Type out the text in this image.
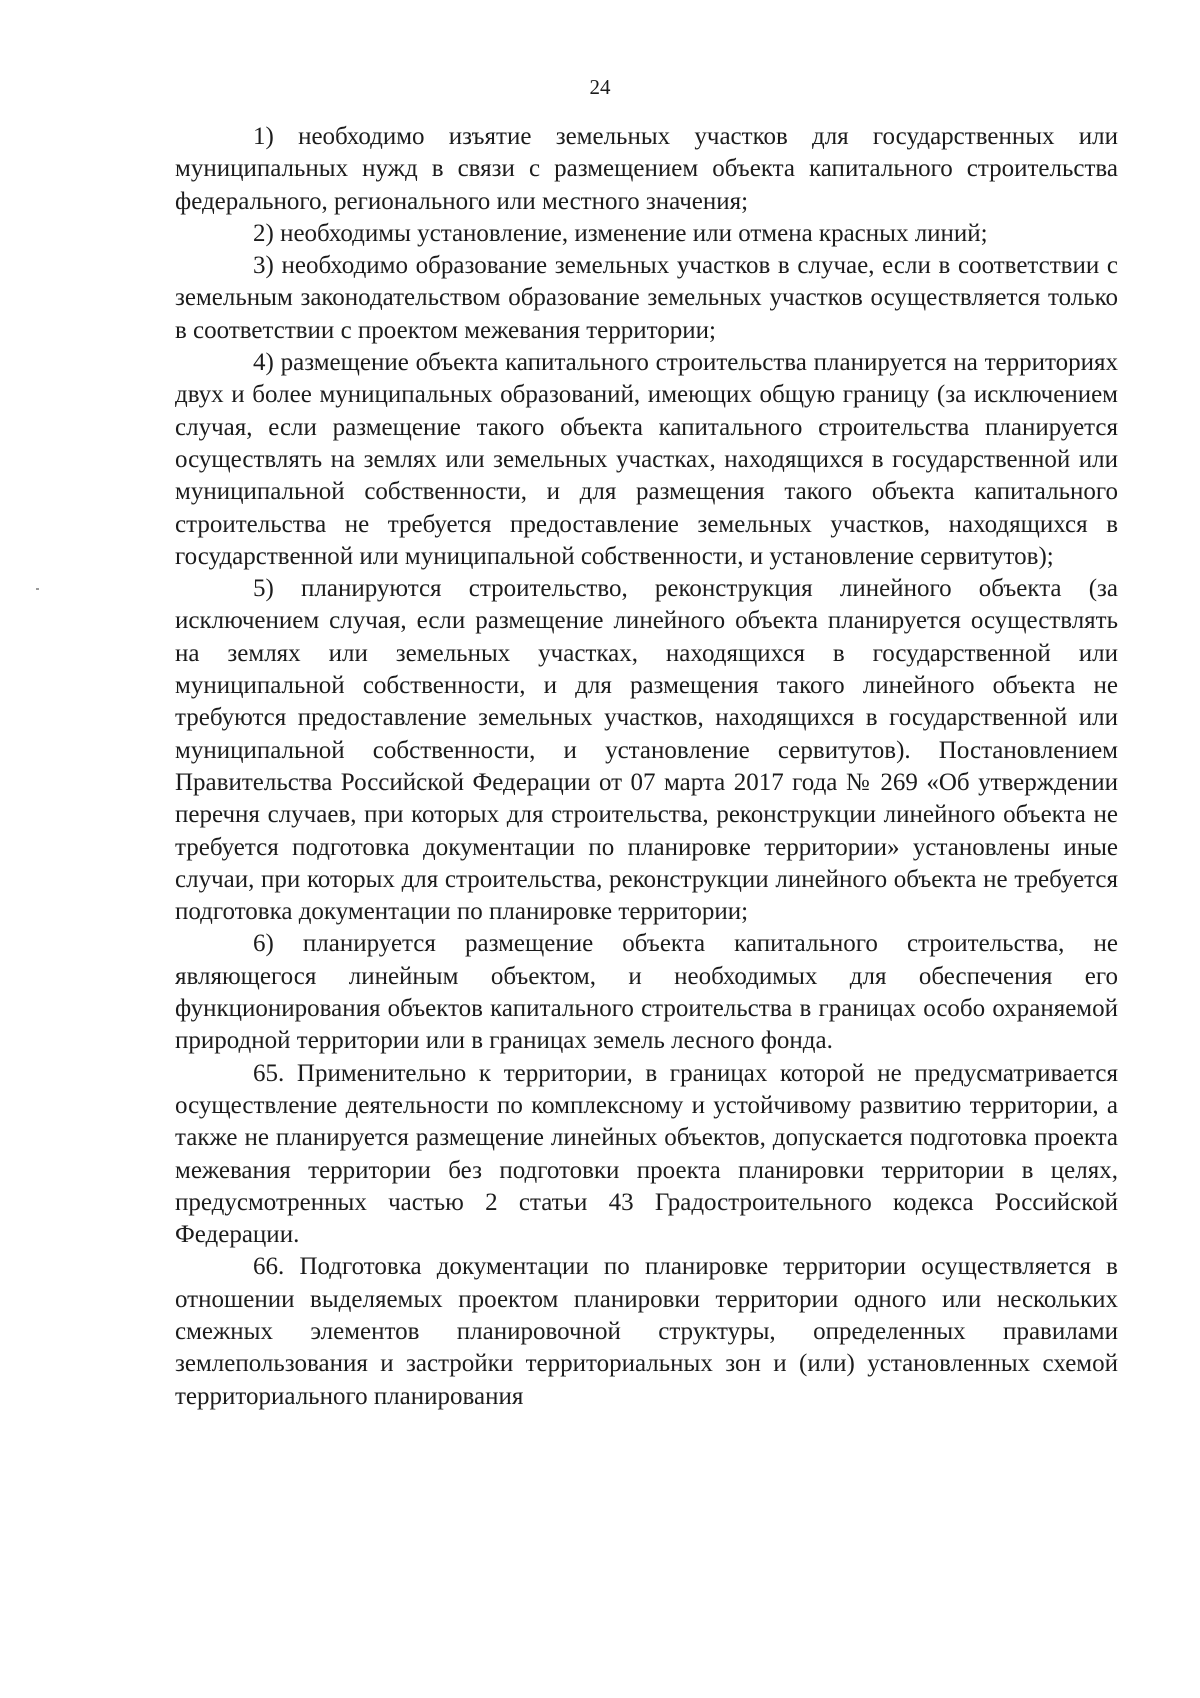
24

1) необходимо изъятие земельных участков для государственных или муниципальных нужд в связи с размещением объекта капитального строительства федерального, регионального или местного значения;

2) необходимы установление, изменение или отмена красных линий;

3) необходимо образование земельных участков в случае, если в соответствии с земельным законодательством образование земельных участков осуществляется только в соответствии с проектом межевания территории;

4) размещение объекта капитального строительства планируется на территориях двух и более муниципальных образований, имеющих общую границу (за исключением случая, если размещение такого объекта капитального строительства планируется осуществлять на землях или земельных участках, находящихся в государственной или муниципальной собственности, и для размещения такого объекта капитального строительства не требуется предоставление земельных участков, находящихся в государственной или муниципальной собственности, и установление сервитутов);

5) планируются строительство, реконструкция линейного объекта (за исключением случая, если размещение линейного объекта планируется осуществлять на землях или земельных участках, находящихся в государственной или муниципальной собственности, и для размещения такого линейного объекта не требуются предоставление земельных участков, находящихся в государственной или муниципальной собственности, и установление сервитутов). Постановлением Правительства Российской Федерации от 07 марта 2017 года № 269 «Об утверждении перечня случаев, при которых для строительства, реконструкции линейного объекта не требуется подготовка документации по планировке территории» установлены иные случаи, при которых для строительства, реконструкции линейного объекта не требуется подготовка документации по планировке территории;

6) планируется размещение объекта капитального строительства, не являющегося линейным объектом, и необходимых для обеспечения его функционирования объектов капитального строительства в границах особо охраняемой природной территории или в границах земель лесного фонда.

65. Применительно к территории, в границах которой не предусматривается осуществление деятельности по комплексному и устойчивому развитию территории, а также не планируется размещение линейных объектов, допускается подготовка проекта межевания территории без подготовки проекта планировки территории в целях, предусмотренных частью 2 статьи 43 Градостроительного кодекса Российской Федерации.

66. Подготовка документации по планировке территории осуществляется в отношении выделяемых проектом планировки территории одного или нескольких смежных элементов планировочной структуры, определенных правилами землепользования и застройки территориальных зон и (или) установленных схемой территориального планирования
